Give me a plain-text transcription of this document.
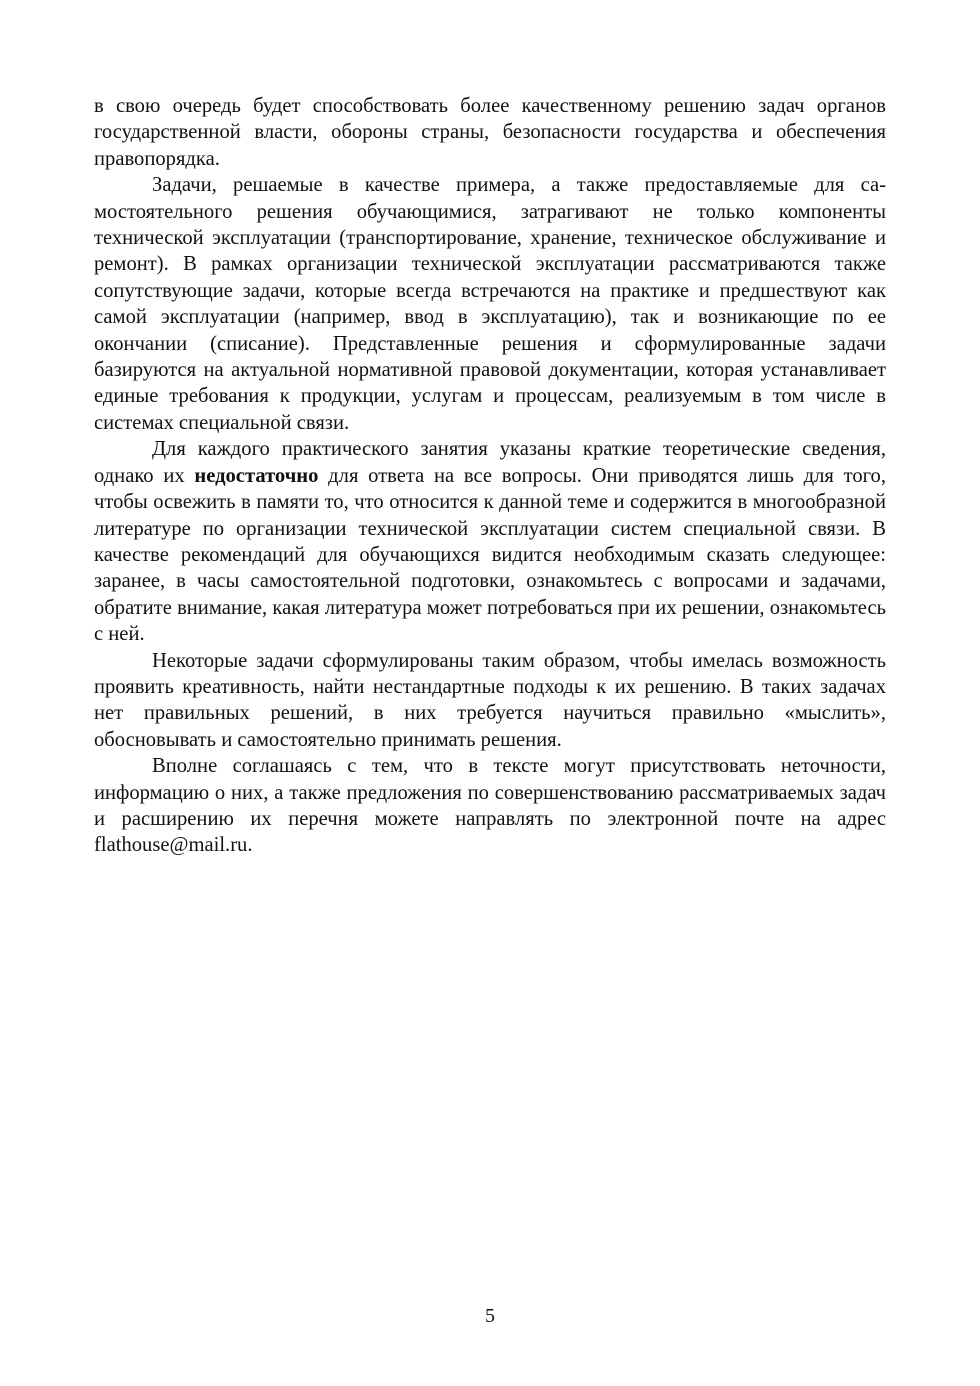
в свою очередь будет способствовать более качественному решению задач органов государственной власти, обороны страны, безопасности государства и обеспечения правопорядка.

Задачи, решаемые в качестве примера, а также предоставляемые для самостоятельного решения обучающимися, затрагивают не только компоненты технической эксплуатации (транспортирование, хранение, техническое обслуживание и ремонт). В рамках организации технической эксплуатации рассматриваются также сопутствующие задачи, которые всегда встречаются на практике и предшествуют как самой эксплуатации (например, ввод в эксплуатацию), так и возникающие по ее окончании (списание). Представленные решения и сформулированные задачи базируются на актуальной нормативной правовой документации, которая устанавливает единые требования к продукции, услугам и процессам, реализуемым в том числе в системах специальной связи.

Для каждого практического занятия указаны краткие теоретические сведения, однако их недостаточно для ответа на все вопросы. Они приводятся лишь для того, чтобы освежить в памяти то, что относится к данной теме и содержится в многообразной литературе по организации технической эксплуатации систем специальной связи. В качестве рекомендаций для обучающихся видится необходимым сказать следующее: заранее, в часы самостоятельной подготовки, ознакомьтесь с вопросами и задачами, обратите внимание, какая литература может потребоваться при их решении, ознакомьтесь с ней.

Некоторые задачи сформулированы таким образом, чтобы имелась возможность проявить креативность, найти нестандартные подходы к их решению. В таких задачах нет правильных решений, в них требуется научиться правильно «мыслить», обосновывать и самостоятельно принимать решения.

Вполне соглашаясь с тем, что в тексте могут присутствовать неточности, информацию о них, а также предложения по совершенствованию рассматриваемых задач и расширению их перечня можете направлять по электронной почте на адрес flathouse@mail.ru.

5
